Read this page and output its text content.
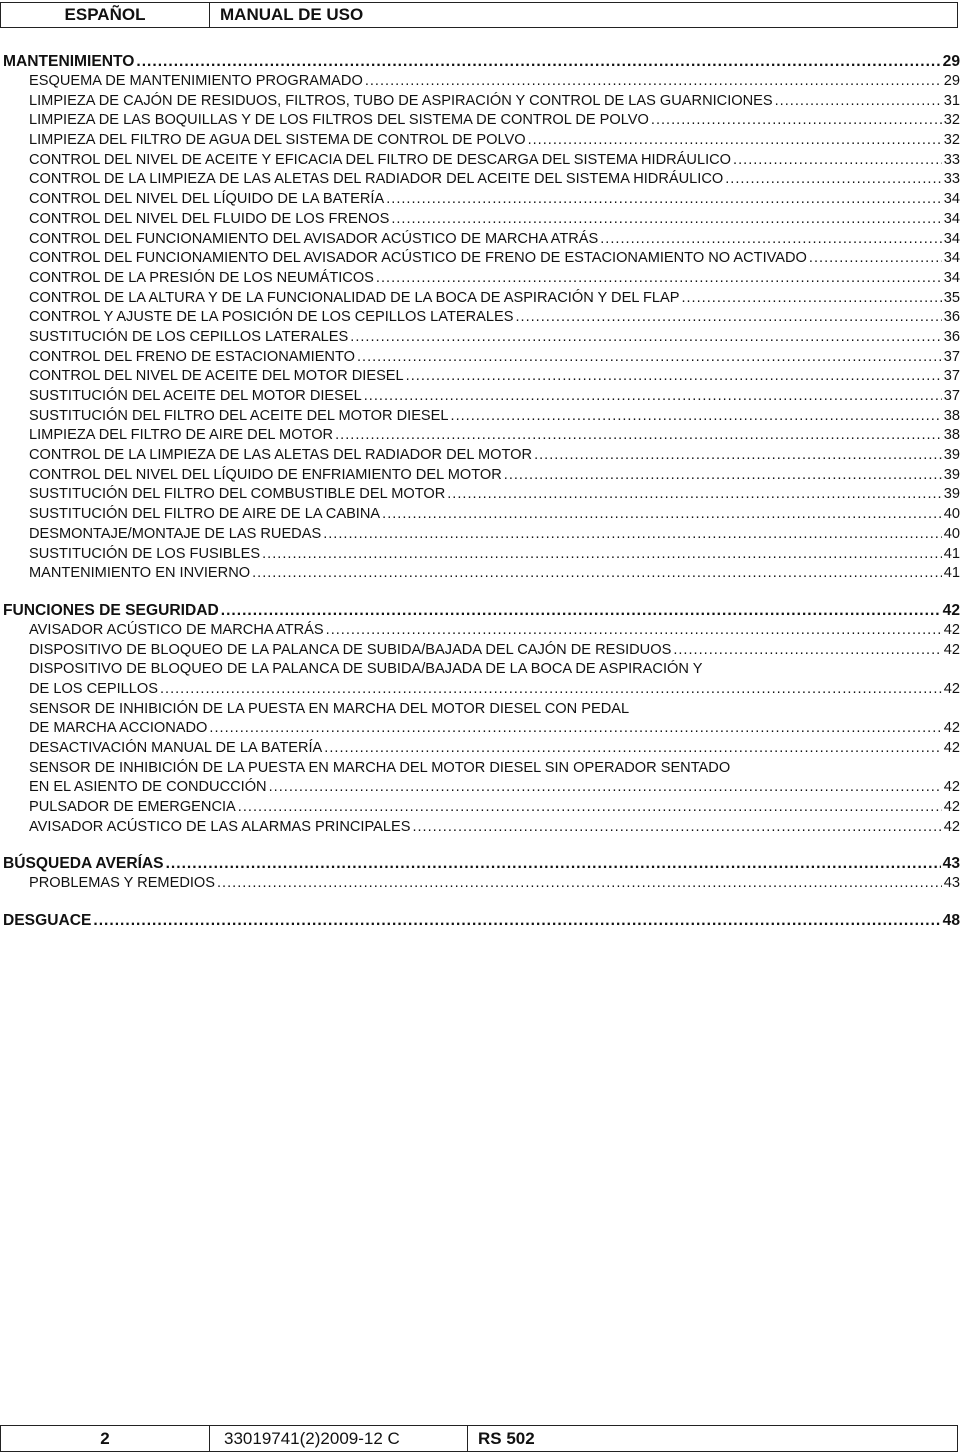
ESPAÑOL	MANUAL DE USO
MANTENIMIENTO .....	29
ESQUEMA DE MANTENIMIENTO PROGRAMADO .....	29
LIMPIEZA DE CAJÓN DE RESIDUOS, FILTROS, TUBO DE ASPIRACIÓN Y CONTROL DE LAS GUARNICIONES .....	31
LIMPIEZA DE LAS BOQUILLAS Y DE LOS FILTROS DEL SISTEMA DE CONTROL DE POLVO .....	32
LIMPIEZA DEL FILTRO DE AGUA DEL SISTEMA DE CONTROL DE POLVO .....	32
CONTROL DEL NIVEL DE ACEITE Y EFICACIA DEL FILTRO DE DESCARGA DEL SISTEMA HIDRÁULICO .....	33
CONTROL DE LA LIMPIEZA DE LAS ALETAS DEL RADIADOR DEL ACEITE DEL SISTEMA HIDRÁULICO .....	33
CONTROL DEL NIVEL DEL LÍQUIDO DE LA BATERÍA .....	34
CONTROL DEL NIVEL DEL FLUIDO DE LOS FRENOS .....	34
CONTROL DEL FUNCIONAMIENTO DEL AVISADOR ACÚSTICO DE MARCHA ATRÁS .....	34
CONTROL DEL FUNCIONAMIENTO DEL AVISADOR ACÚSTICO DE FRENO DE ESTACIONAMIENTO NO ACTIVADO .....	34
CONTROL DE LA PRESIÓN DE LOS NEUMÁTICOS .....	34
CONTROL DE LA ALTURA Y DE LA FUNCIONALIDAD DE LA BOCA DE ASPIRACIÓN Y DEL FLAP .....	35
CONTROL Y AJUSTE DE LA POSICIÓN DE LOS CEPILLOS LATERALES .....	36
SUSTITUCIÓN DE LOS CEPILLOS LATERALES .....	36
CONTROL DEL FRENO DE ESTACIONAMIENTO .....	37
CONTROL DEL NIVEL DE ACEITE DEL MOTOR DIESEL .....	37
SUSTITUCIÓN DEL ACEITE DEL MOTOR DIESEL .....	37
SUSTITUCIÓN DEL FILTRO DEL ACEITE DEL MOTOR DIESEL .....	38
LIMPIEZA DEL FILTRO DE AIRE DEL MOTOR .....	38
CONTROL DE LA LIMPIEZA DE LAS ALETAS DEL RADIADOR DEL MOTOR .....	39
CONTROL DEL NIVEL DEL LÍQUIDO DE ENFRIAMIENTO DEL MOTOR .....	39
SUSTITUCIÓN DEL FILTRO DEL COMBUSTIBLE DEL MOTOR .....	39
SUSTITUCIÓN DEL FILTRO DE AIRE DE LA CABINA .....	40
DESMONTAJE/MONTAJE DE LAS RUEDAS .....	40
SUSTITUCIÓN DE LOS FUSIBLES .....	41
MANTENIMIENTO EN INVIERNO .....	41
FUNCIONES DE SEGURIDAD .....	42
AVISADOR ACÚSTICO DE MARCHA ATRÁS .....	42
DISPOSITIVO DE BLOQUEO DE LA PALANCA DE SUBIDA/BAJADA DEL CAJÓN DE RESIDUOS .....	42
DISPOSITIVO DE BLOQUEO DE LA PALANCA DE SUBIDA/BAJADA DE LA BOCA DE ASPIRACIÓN Y
DE LOS CEPILLOS .....	42
SENSOR DE INHIBICIÓN DE LA PUESTA EN MARCHA DEL MOTOR DIESEL CON PEDAL
DE MARCHA ACCIONADO .....	42
DESACTIVACIÓN MANUAL DE LA BATERÍA .....	42
SENSOR DE INHIBICIÓN DE LA PUESTA EN MARCHA DEL MOTOR DIESEL SIN OPERADOR SENTADO
EN EL ASIENTO DE CONDUCCIÓN .....	42
PULSADOR DE EMERGENCIA .....	42
AVISADOR ACÚSTICO DE LAS ALARMAS PRINCIPALES .....	42
BÚSQUEDA AVERÍAS .....	43
PROBLEMAS Y REMEDIOS .....	43
DESGUACE .....	48
2	33019741(2)2009-12 C	RS 502
